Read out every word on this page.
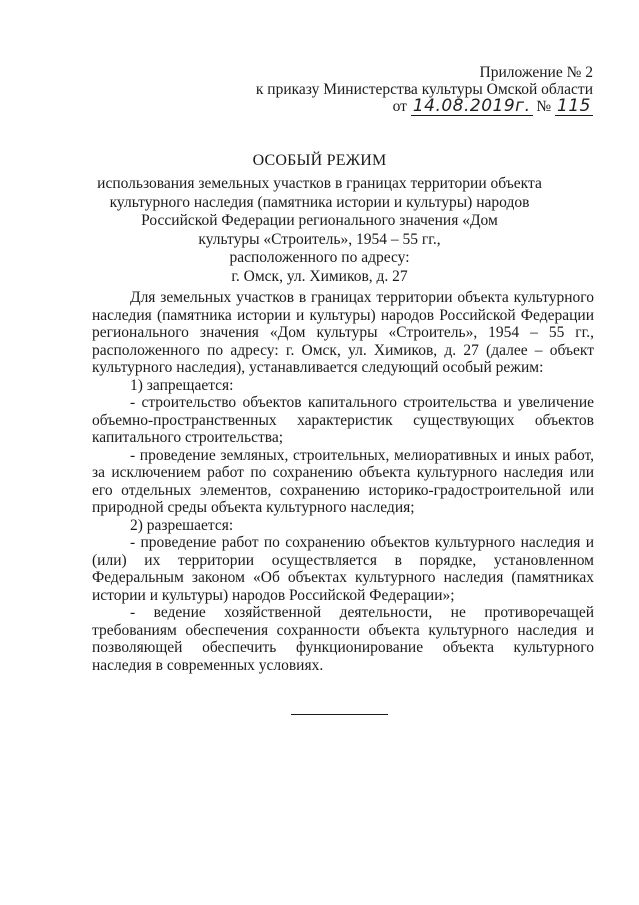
Приложение № 2
к приказу Министерства культуры Омской области
от 14.08.2019г. № 115
ОСОБЫЙ РЕЖИМ
использования земельных участков в границах территории объекта
культурного наследия (памятника истории и культуры) народов
Российской Федерации регионального значения «Дом
культуры «Строитель», 1954 – 55 гг.,
расположенного по адресу:
г. Омск, ул. Химиков, д. 27

Для земельных участков в границах территории объекта культурного наследия (памятника истории и культуры) народов Российской Федерации регионального значения «Дом культуры «Строитель», 1954 – 55 гг., расположенного по адресу: г. Омск, ул. Химиков, д. 27 (далее – объект культурного наследия), устанавливается следующий особый режим:

1) запрещается:

- строительство объектов капитального строительства и увеличение объемно-пространственных характеристик существующих объектов капитального строительства;

- проведение земляных, строительных, мелиоративных и иных работ, за исключением работ по сохранению объекта культурного наследия или его отдельных элементов, сохранению историко-градостроительной или природной среды объекта культурного наследия;

2) разрешается:

- проведение работ по сохранению объектов культурного наследия и (или) их территории осуществляется в порядке, установленном Федеральным законом «Об объектах культурного наследия (памятниках истории и культуры) народов Российской Федерации»;

- ведение хозяйственной деятельности, не противоречащей требованиям обеспечения сохранности объекта культурного наследия и позволяющей обеспечить функционирование объекта культурного наследия в современных условиях.
